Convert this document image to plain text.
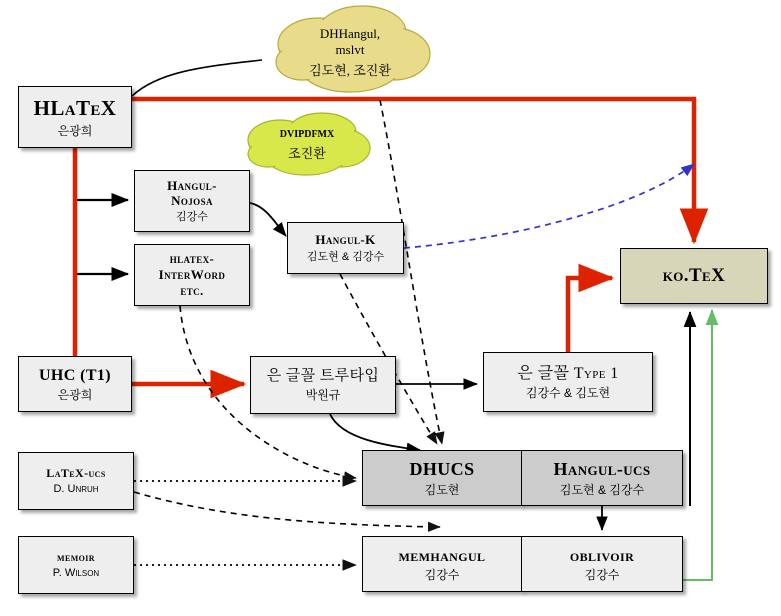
DHHangul,
mslvt
김도현, 조진환
dvipdfmx
조진환
HLaTeX
은광희
Hangul-
Nojosa
김강수
hlatex-
InterWord
etc.
Hangul-K
김도현 & 김강수
UHC (T1)
은광희
은 글꼴 트루타입
박원규
은 글꼴 Type 1
김강수 & 김도현
ko.TeX
LaTeX-ucs
D. Unruh
memoir
P. Wilson
DHUCS
김도현
Hangul-ucs
김도현 & 김강수
memhangul
김강수
oblivoir
김강수
